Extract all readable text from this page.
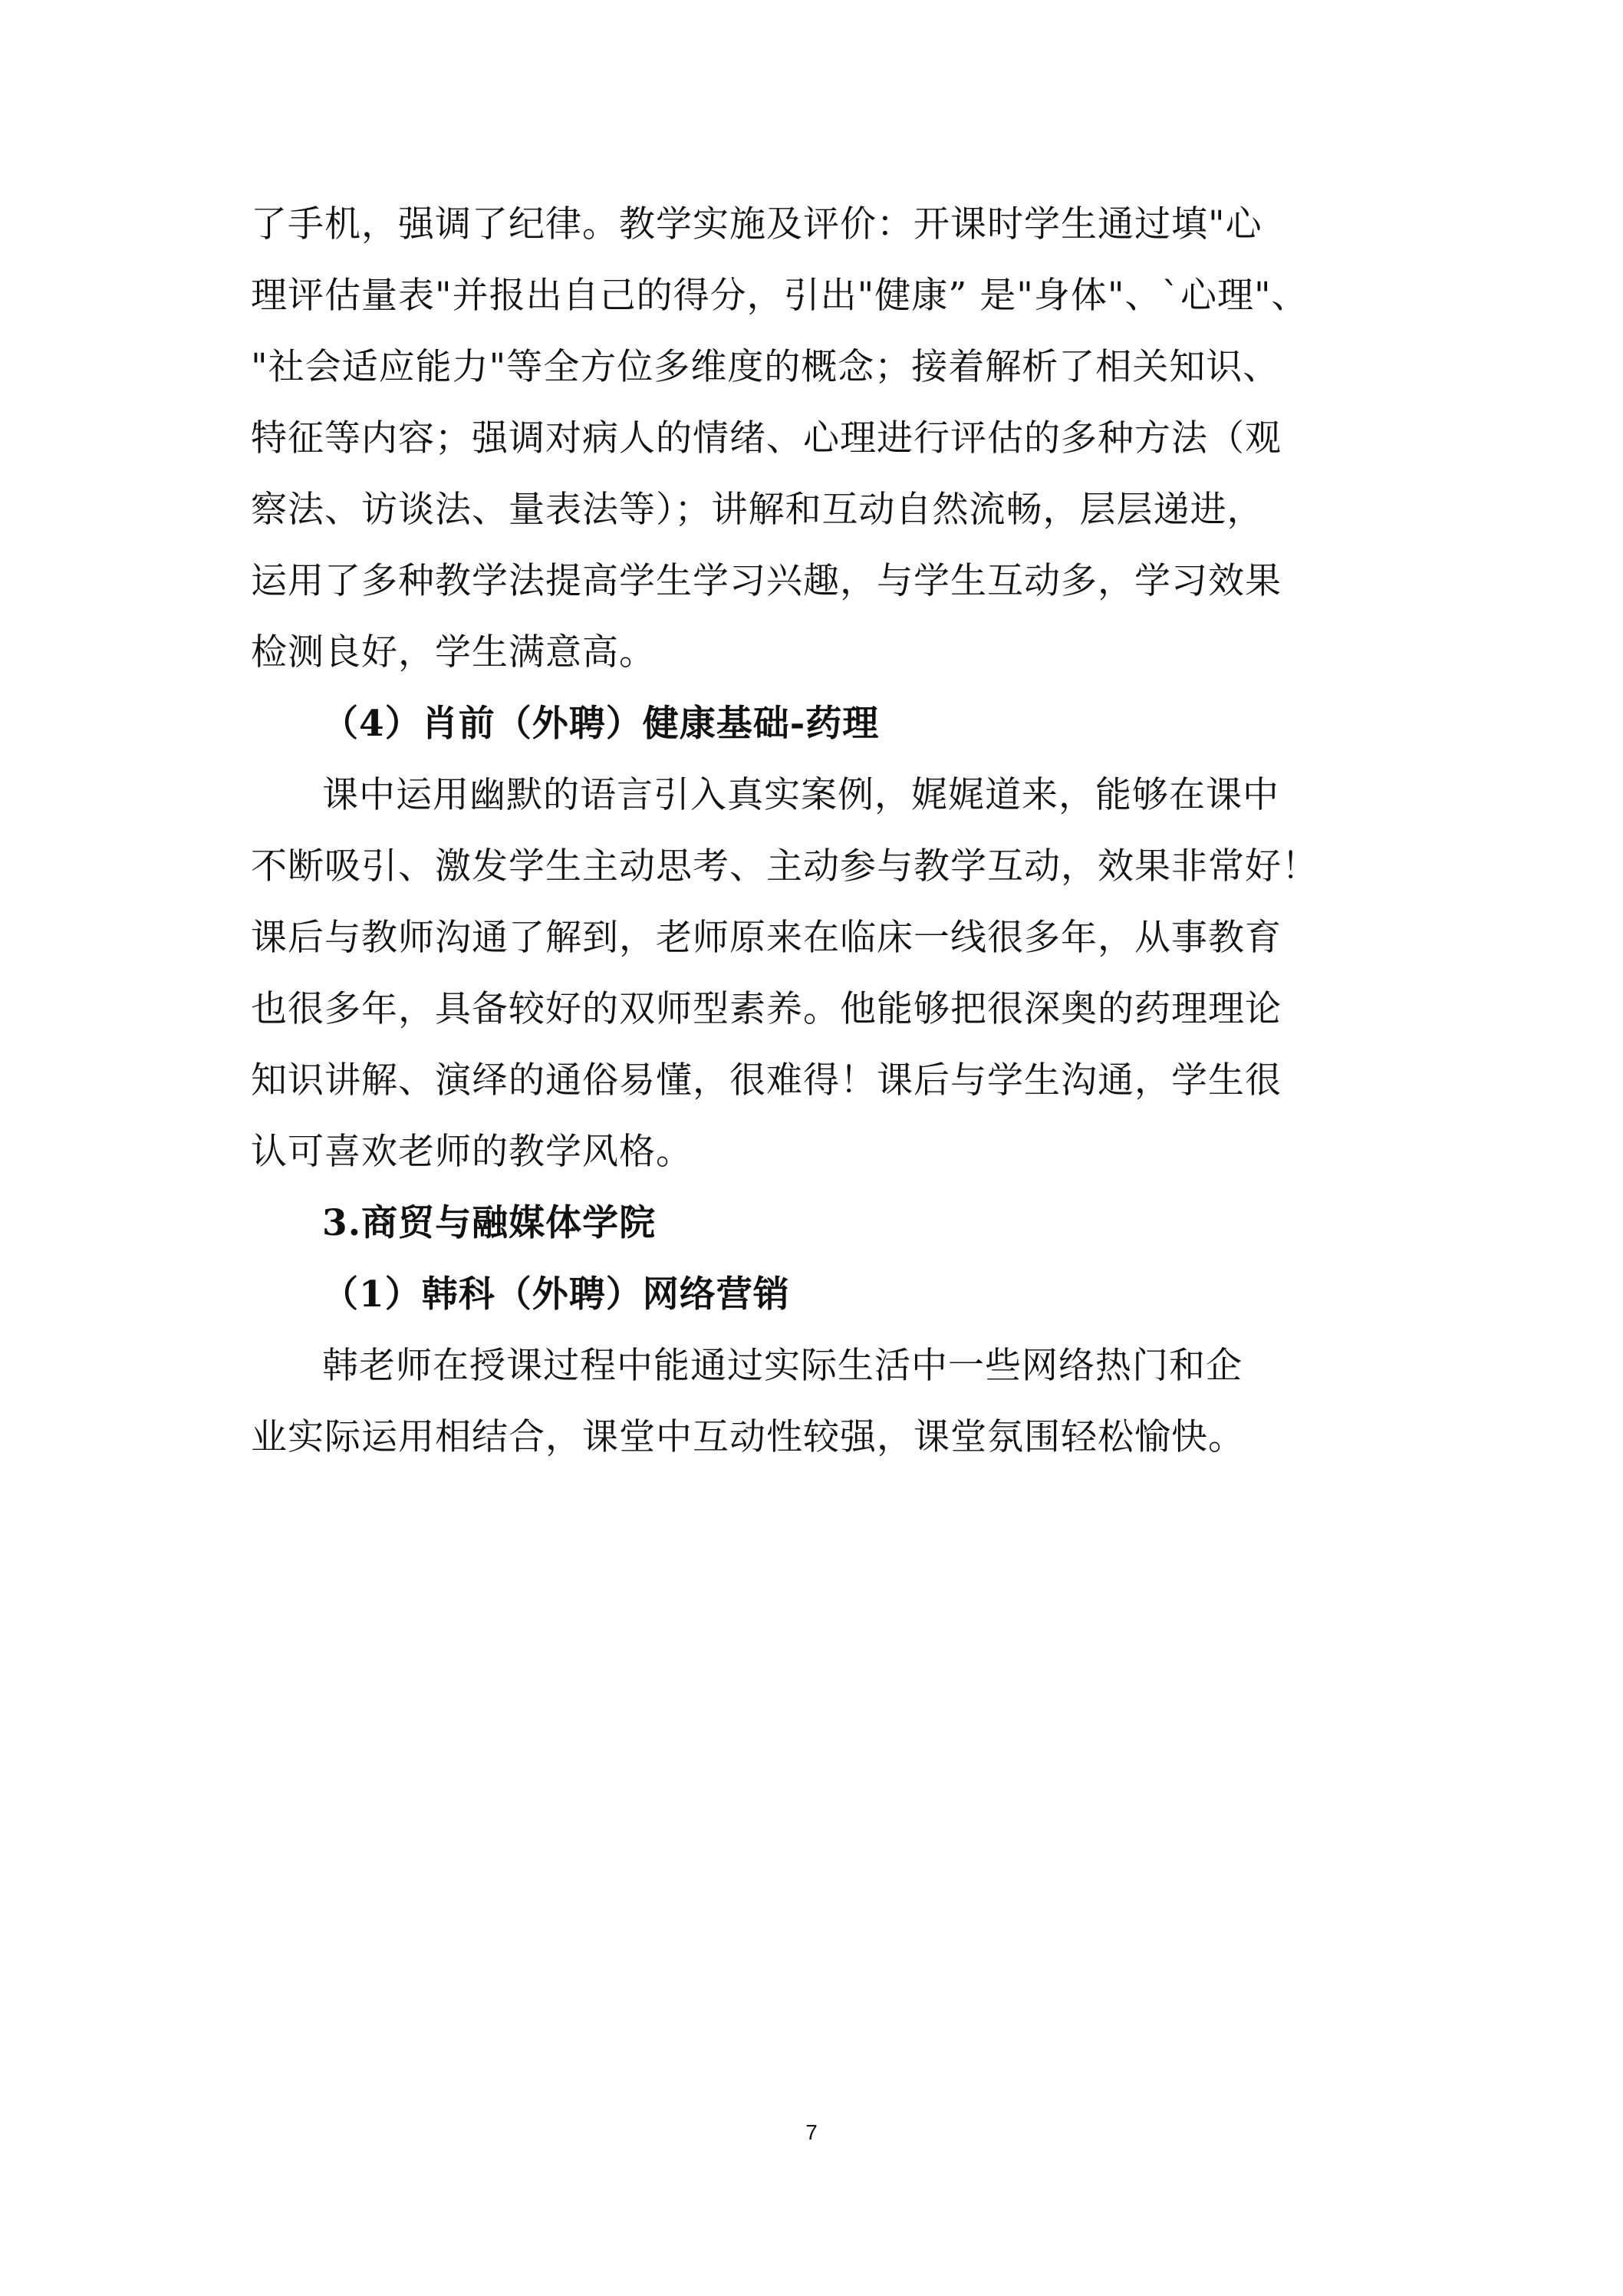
了手机，强调了纪律。教学实施及评价：开课时学生通过填"心
理评估量表"并报出自己的得分，引出"健康” 是"身体"、`心理"、
"社会适应能力"等全方位多维度的概念；接着解析了相关知识、
特征等内容；强调对病人的情绪、心理进行评估的多种方法（观
察法、访谈法、量表法等）；讲解和互动自然流畅，层层递进，
运用了多种教学法提高学生学习兴趣，与学生互动多，学习效果
检测良好，学生满意高。
（4）肖前（外聘）健康基础-药理
课中运用幽默的语言引入真实案例，娓娓道来，能够在课中
不断吸引、激发学生主动思考、主动参与教学互动，效果非常好！
课后与教师沟通了解到，老师原来在临床一线很多年，从事教育
也很多年，具备较好的双师型素养。他能够把很深奥的药理理论
知识讲解、演绎的通俗易懂，很难得！课后与学生沟通，学生很
认可喜欢老师的教学风格。
3.商贸与融媒体学院
（1）韩科（外聘）网络营销
韩老师在授课过程中能通过实际生活中一些网络热门和企
业实际运用相结合，课堂中互动性较强，课堂氛围轻松愉快。
7
